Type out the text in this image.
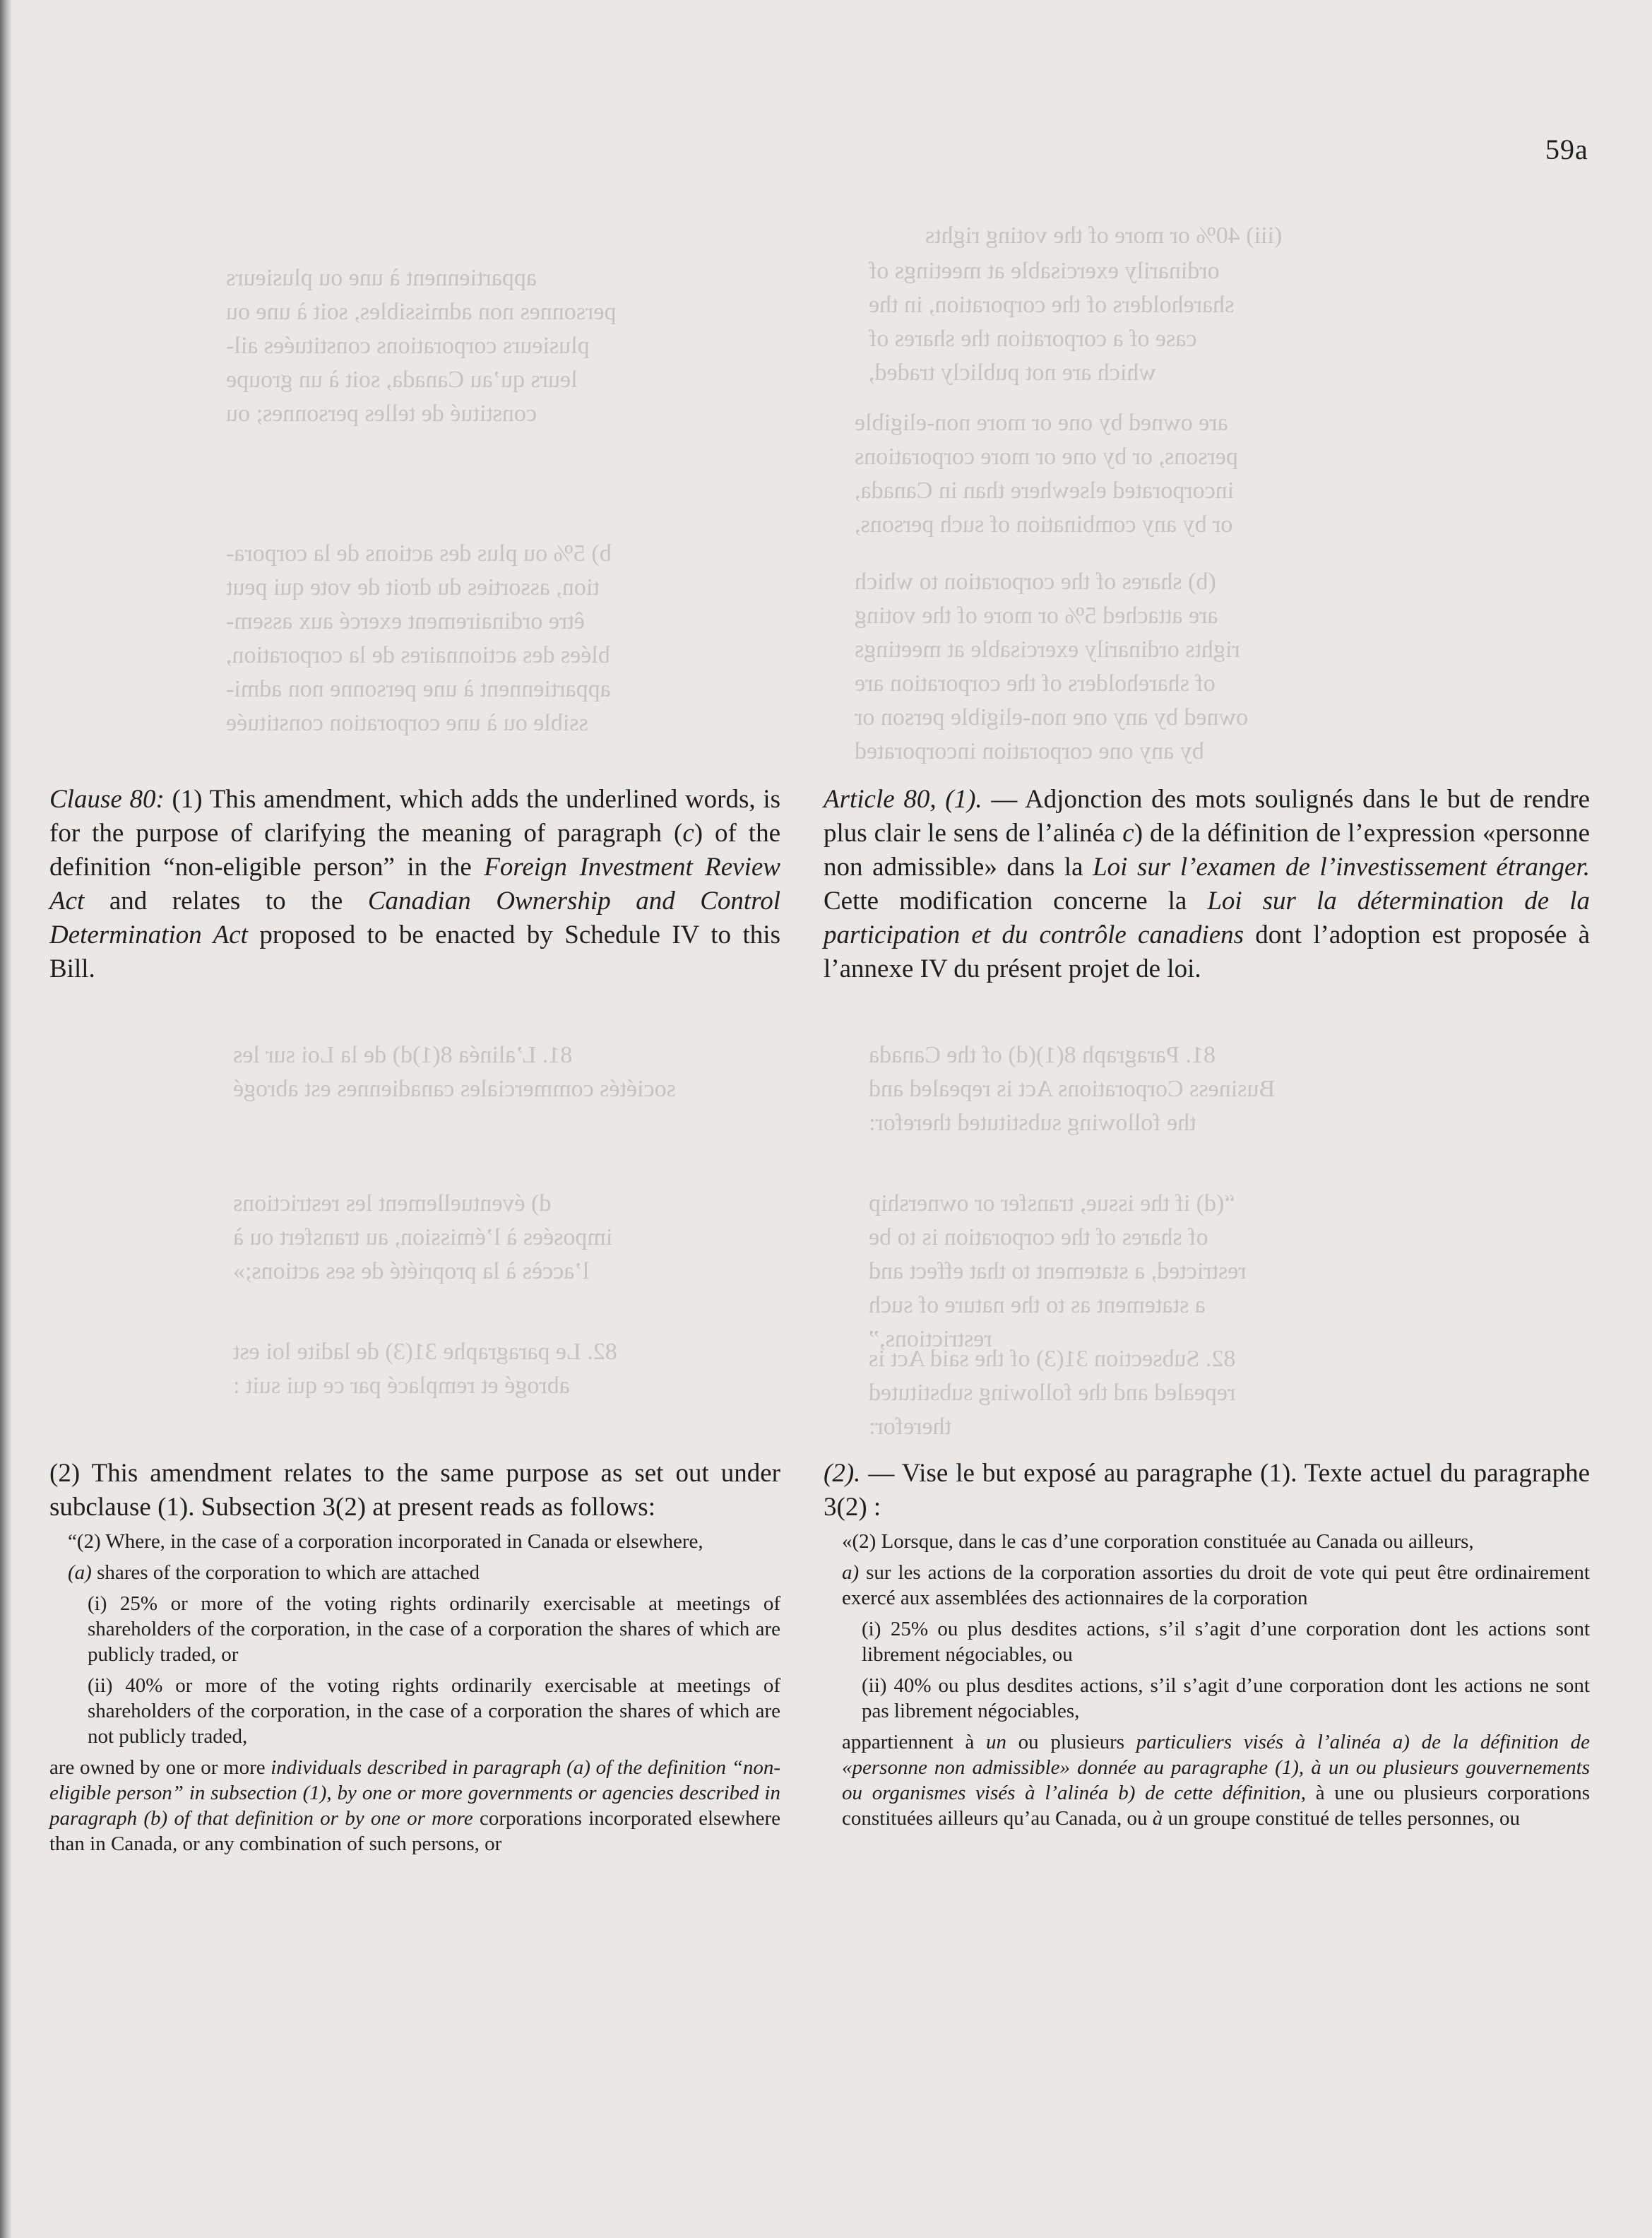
(iii) 40% or more of the voting rights
ordinarily exercisable at meetings of
shareholders of the corporation, in the
case of a corporation the shares of
which are not publicly traded,
are owned by one or more non-eligible
persons, or by one or more corporations
incorporated elsewhere than in Canada,
or by any combination of such persons,
(b) shares of the corporation to which
are attached 5% or more of the voting
rights ordinarily exercisable at meetings
of shareholders of the corporation are
owned by any one non-eligible person or
by any one corporation incorporated
appartiennent à une ou plusieurs
personnes non admissibles, soit à une ou
plusieurs corporations constituées ail-
leurs qu’au Canada, soit à un groupe
constitué de telles personnes; ou
b) 5% ou plus des actions de la corpora-
tion, assorties du droit de vote qui peut
être ordinairement exercé aux assem-
blées des actionnaires de la corporation,
appartiennent à une personne non admi-
ssible ou à une corporation constituée
81. Paragraph 8(1)(d) of the Canada
Business Corporations Act is repealed and
the following substituted therefor:
“(d) if the issue, transfer or ownership
of shares of the corporation is to be
restricted, a statement to that effect and
a statement as to the nature of such
restrictions,”
82. Subsection 31(3) of the said Act is
repealed and the following substituted
therefor:
81. L’alinéa 8(1)d) de la Loi sur les
sociétés commerciales canadiennes est abrogé
d) éventuellement les restrictions
imposées à l’émission, au transfert ou à
l’accès à la propriété de ses actions;»
82. Le paragraphe 31(3) de ladite loi est
abrogé et remplacé par ce qui suit :
59a

Clause 80: (1) This amendment, which adds the underlined words, is for the purpose of clarifying the meaning of paragraph (c) of the definition “non-eligible person” in the Foreign Investment Review Act and relates to the Canadian Ownership and Control Determination Act proposed to be enacted by Schedule IV to this Bill.

Article 80, (1). — Adjonction des mots soulignés dans le but de rendre plus clair le sens de l’alinéa c) de la définition de l’expression «personne non admissible» dans la Loi sur l’examen de l’investissement étranger. Cette modification concerne la Loi sur la détermination de la participation et du contrôle canadiens dont l’adoption est proposée à l’annexe IV du présent projet de loi.

(2) This amendment relates to the same purpose as set out under subclause (1). Subsection 3(2) at present reads as follows:

“(2) Where, in the case of a corporation incorporated in Canada or elsewhere,

(a) shares of the corporation to which are attached

(i) 25% or more of the voting rights ordinarily exercisable at meetings of shareholders of the corporation, in the case of a corporation the shares of which are publicly traded, or

(ii) 40% or more of the voting rights ordinarily exercisable at meetings of shareholders of the corporation, in the case of a corporation the shares of which are not publicly traded,

are owned by one or more individuals described in paragraph (a) of the definition “non-eligible person” in subsection (1), by one or more governments or agencies described in paragraph (b) of that definition or by one or more corporations incorporated elsewhere than in Canada, or any combination of such persons, or

(2). — Vise le but exposé au paragraphe (1). Texte actuel du paragraphe 3(2) :

«(2) Lorsque, dans le cas d’une corporation constituée au Canada ou ailleurs,

a) sur les actions de la corporation assorties du droit de vote qui peut être ordinairement exercé aux assemblées des actionnaires de la corporation

(i) 25% ou plus desdites actions, s’il s’agit d’une corporation dont les actions sont librement négociables, ou

(ii) 40% ou plus desdites actions, s’il s’agit d’une corporation dont les actions ne sont pas librement négociables,

appartiennent à un ou plusieurs particuliers visés à l’alinéa a) de la définition de «personne non admissible» donnée au paragraphe (1), à un ou plusieurs gouvernements ou organismes visés à l’alinéa b) de cette définition, à une ou plusieurs corporations constituées ailleurs qu’au Canada, ou à un groupe constitué de telles personnes, ou
